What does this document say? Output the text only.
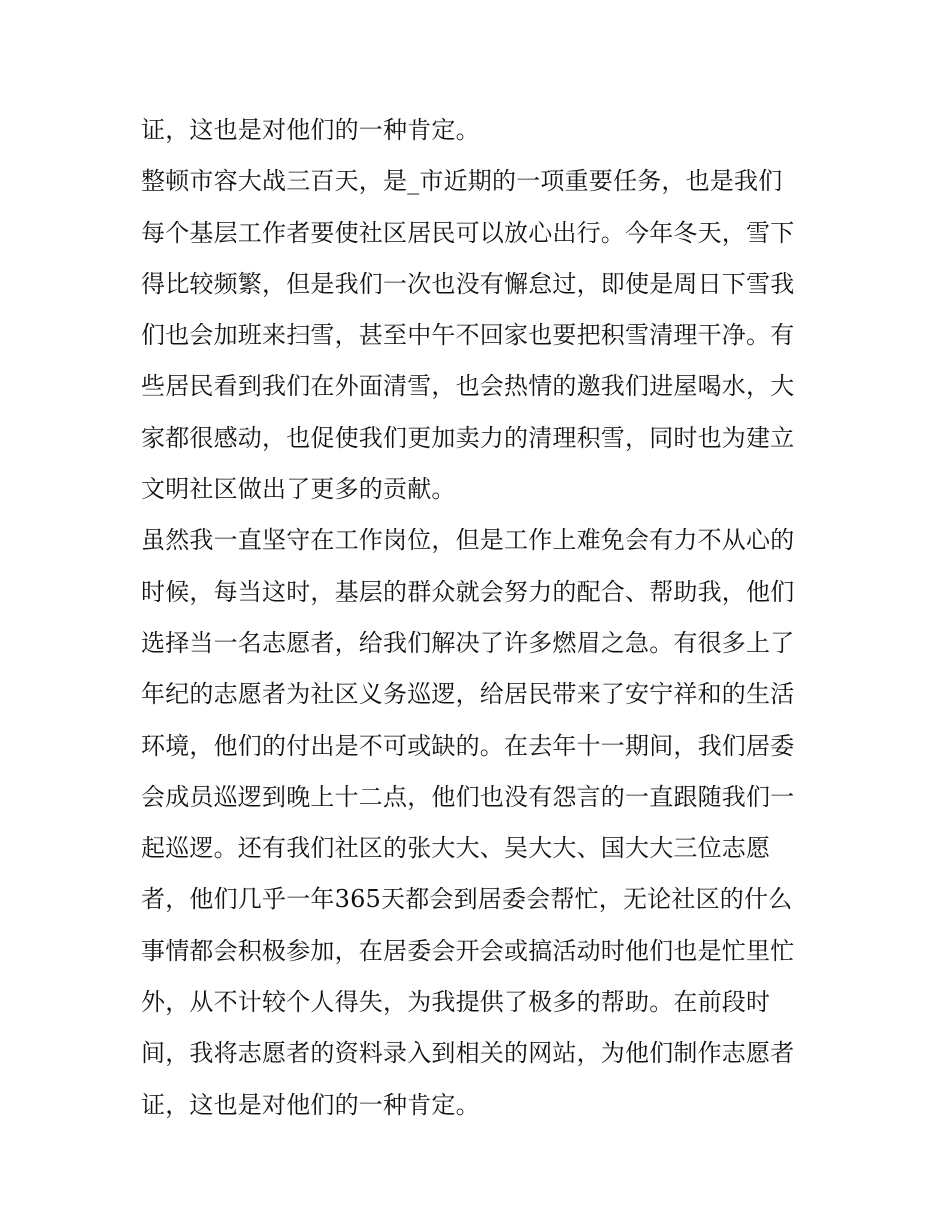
证，这也是对他们的一种肯定。
整顿市容大战三百天，是_市近期的一项重要任务，也是我们
每个基层工作者要使社区居民可以放心出行。今年冬天，雪下
得比较频繁，但是我们一次也没有懈怠过，即使是周日下雪我
们也会加班来扫雪，甚至中午不回家也要把积雪清理干净。有
些居民看到我们在外面清雪，也会热情的邀我们进屋喝水，大
家都很感动，也促使我们更加卖力的清理积雪，同时也为建立
文明社区做出了更多的贡献。
虽然我一直坚守在工作岗位，但是工作上难免会有力不从心的
时候，每当这时，基层的群众就会努力的配合、帮助我，他们
选择当一名志愿者，给我们解决了许多燃眉之急。有很多上了
年纪的志愿者为社区义务巡逻，给居民带来了安宁祥和的生活
环境，他们的付出是不可或缺的。在去年十一期间，我们居委
会成员巡逻到晚上十二点，他们也没有怨言的一直跟随我们一
起巡逻。还有我们社区的张大大、吴大大、国大大三位志愿
者，他们几乎一年365天都会到居委会帮忙，无论社区的什么
事情都会积极参加，在居委会开会或搞活动时他们也是忙里忙
外，从不计较个人得失，为我提供了极多的帮助。在前段时
间，我将志愿者的资料录入到相关的网站，为他们制作志愿者
证，这也是对他们的一种肯定。
